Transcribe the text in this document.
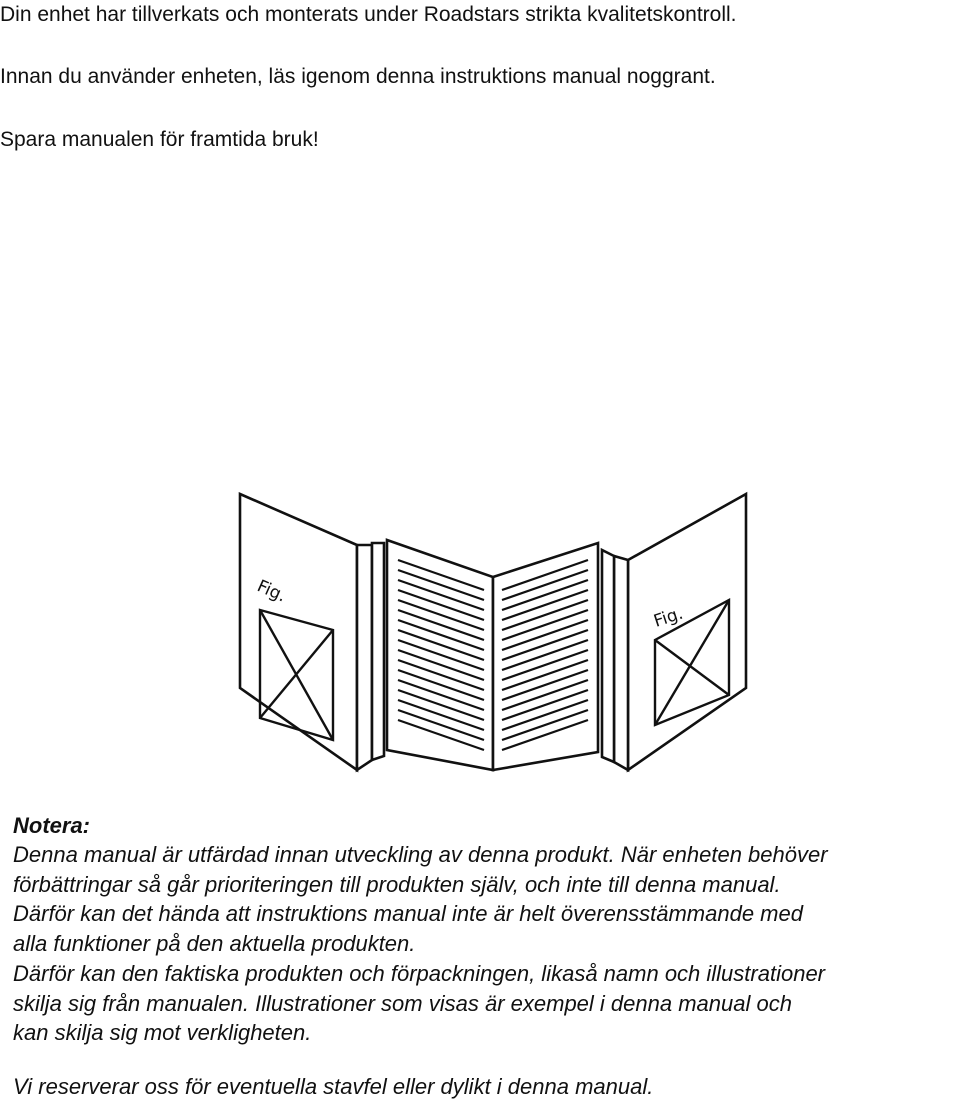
Din enhet har tillverkats och monterats under Roadstars strikta kvalitetskontroll.
Innan du använder enheten, läs igenom denna instruktions manual noggrant.
Spara manualen för framtida bruk!
Fig.
Fig.

Notera:

Denna manual är utfärdad innan utveckling av denna produkt. När enheten behöver

förbättringar så går prioriteringen till produkten själv, och inte till denna manual.

Därför kan det hända att instruktions manual inte är helt överensstämmande med

alla funktioner på den aktuella produkten.

Därför kan den faktiska produkten och förpackningen, likaså namn och illustrationer

skilja sig från manualen. Illustrationer som visas är exempel i denna manual och

kan skilja sig mot verkligheten.

Vi reserverar oss för eventuella stavfel eller dylikt i denna manual.
